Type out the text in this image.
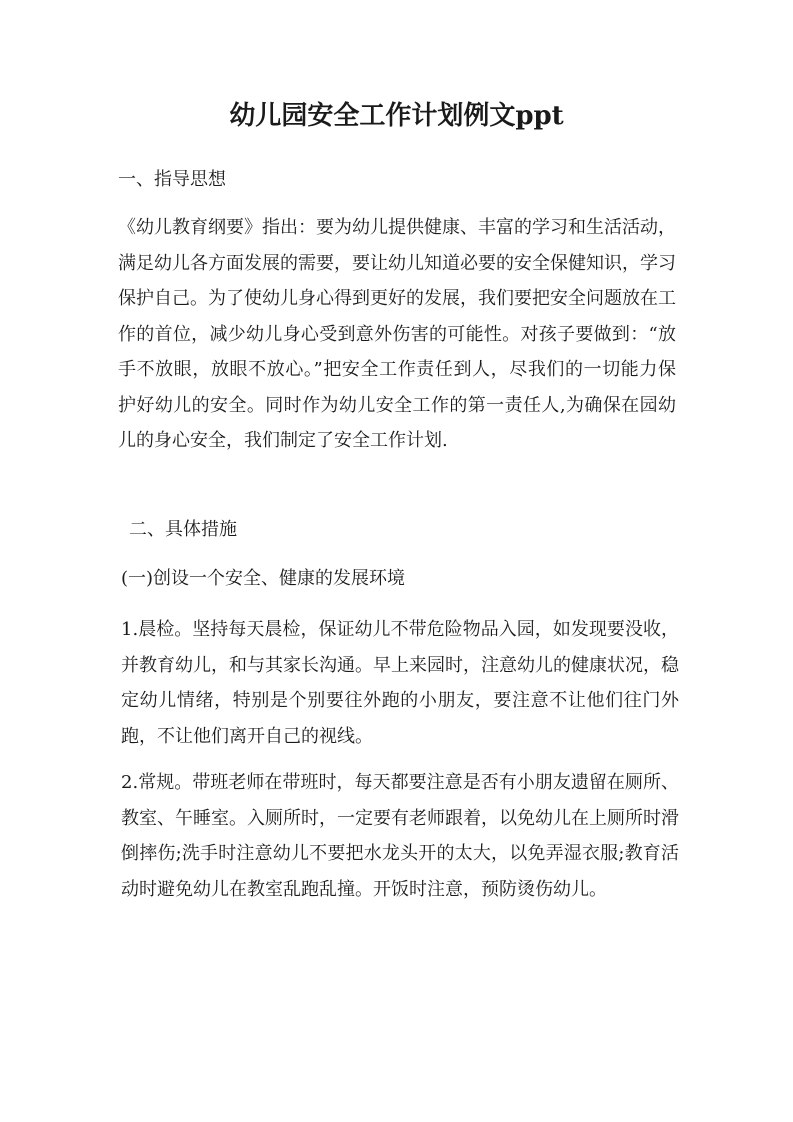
幼儿园安全工作计划例文ppt

一、指导思想

《幼儿教育纲要》指出：要为幼儿提供健康、丰富的学习和生活活动，满足幼儿各方面发展的需要，要让幼儿知道必要的安全保健知识，学习保护自己。为了使幼儿身心得到更好的发展，我们要把安全问题放在工作的首位，减少幼儿身心受到意外伤害的可能性。对孩子要做到：“放手不放眼，放眼不放心。”把安全工作责任到人，尽我们的一切能力保护好幼儿的安全。同时作为幼儿安全工作的第一责任人,为确保在园幼儿的身心安全，我们制定了安全工作计划.

二、具体措施

(一)创设一个安全、健康的发展环境

1.晨检。坚持每天晨检，保证幼儿不带危险物品入园，如发现要没收，并教育幼儿，和与其家长沟通。早上来园时，注意幼儿的健康状况，稳定幼儿情绪，特别是个别要往外跑的小朋友，要注意不让他们往门外跑，不让他们离开自己的视线。

2.常规。带班老师在带班时，每天都要注意是否有小朋友遗留在厕所、教室、午睡室。入厕所时，一定要有老师跟着，以免幼儿在上厕所时滑倒摔伤;洗手时注意幼儿不要把水龙头开的太大，以免弄湿衣服;教育活动时避免幼儿在教室乱跑乱撞。开饭时注意，预防烫伤幼儿。
